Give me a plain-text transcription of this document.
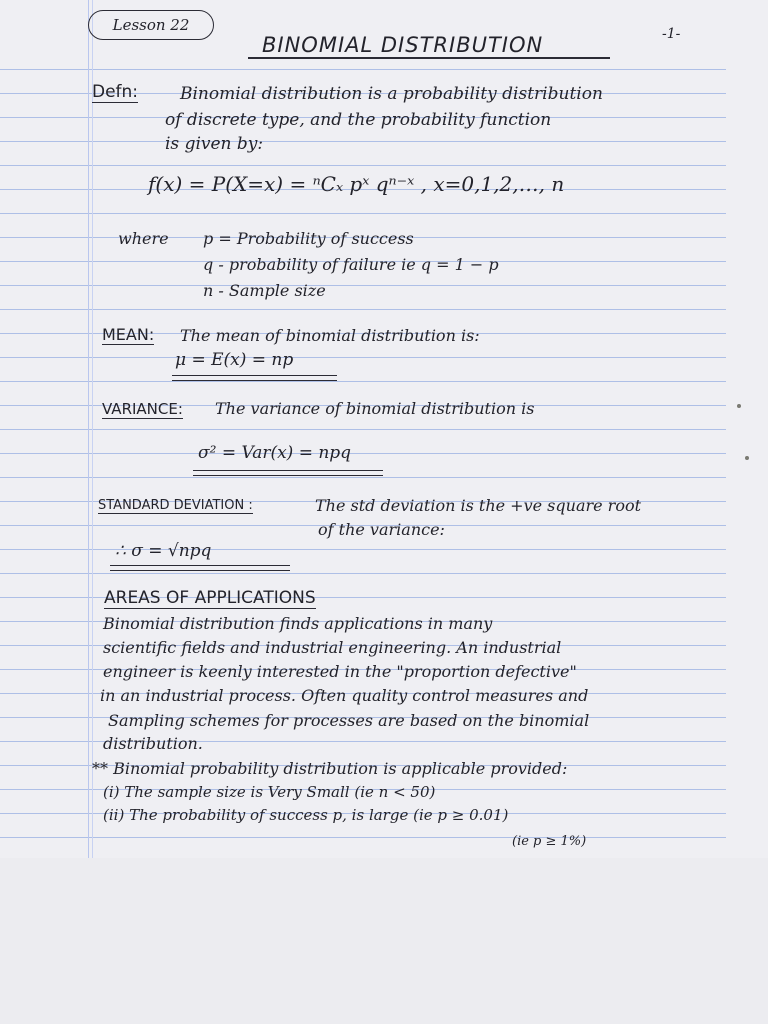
Lesson 22	-1-
BINOMIAL DISTRIBUTION
Defn: Binomial distribution is a probability distribution
of discrete type, and the probability function
is given by:
f(x) = P(X=x) = ⁿCₓ pˣ qⁿ⁻ˣ , x=0,1,2,…, n
where p = Probability of success
q - probability of failure ie q = 1 − p
n - Sample size
MEAN: The mean of binomial distribution is:
μ = E(x) = np
VARIANCE: The variance of binomial distribution is
σ² = Var(x) = npq
STANDARD DEVIATION :	The std deviation is the +ve square root
of the variance:
∴ σ = √npq
AREAS OF APPLICATIONS
Binomial distribution finds applications in many
scientific fields and industrial engineering. An industrial
engineer is keenly interested in the "proportion defective"
in an industrial process. Often quality control measures and
Sampling schemes for processes are based on the binomial
distribution.
** Binomial probability distribution is applicable provided:
(i) The sample size is Very Small (ie n < 50)
(ii) The probability of success p, is large (ie p ≥ 0.01)
(ie p ≥ 1%)
